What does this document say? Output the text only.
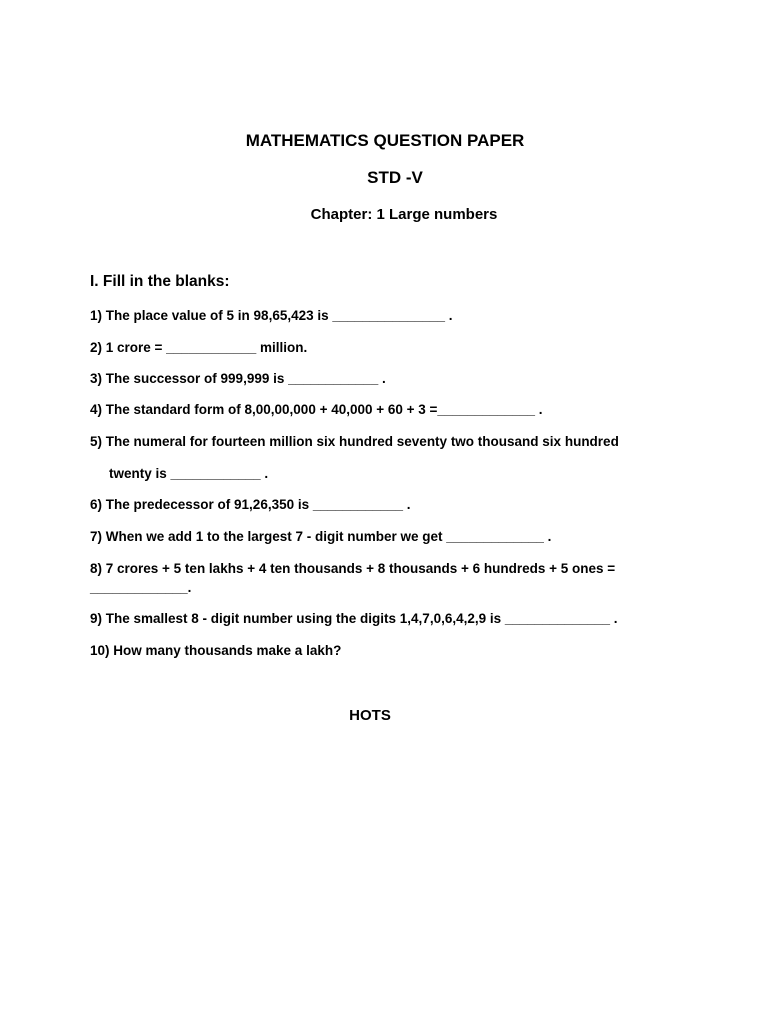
MATHEMATICS QUESTION PAPER
STD -V
Chapter: 1 Large numbers
I. Fill in the blanks:
1) The place value of 5 in 98,65,423 is _______________ .
2) 1 crore = ____________ million.
3) The successor of 999,999 is ____________ .
4) The standard form of 8,00,00,000 + 40,000 + 60 + 3 =_____________ .
5) The numeral for fourteen million six hundred seventy two thousand six hundred
twenty is ____________ .
6) The predecessor of 91,26,350 is ____________ .
7) When we add 1 to the largest 7 - digit number we get _____________ .
8) 7 crores + 5 ten lakhs + 4 ten thousands + 8 thousands + 6 hundreds + 5 ones =
_____________.
9) The smallest 8 - digit number using the digits 1,4,7,0,6,4,2,9 is ______________ .
10) How many thousands make a lakh?
HOTS
